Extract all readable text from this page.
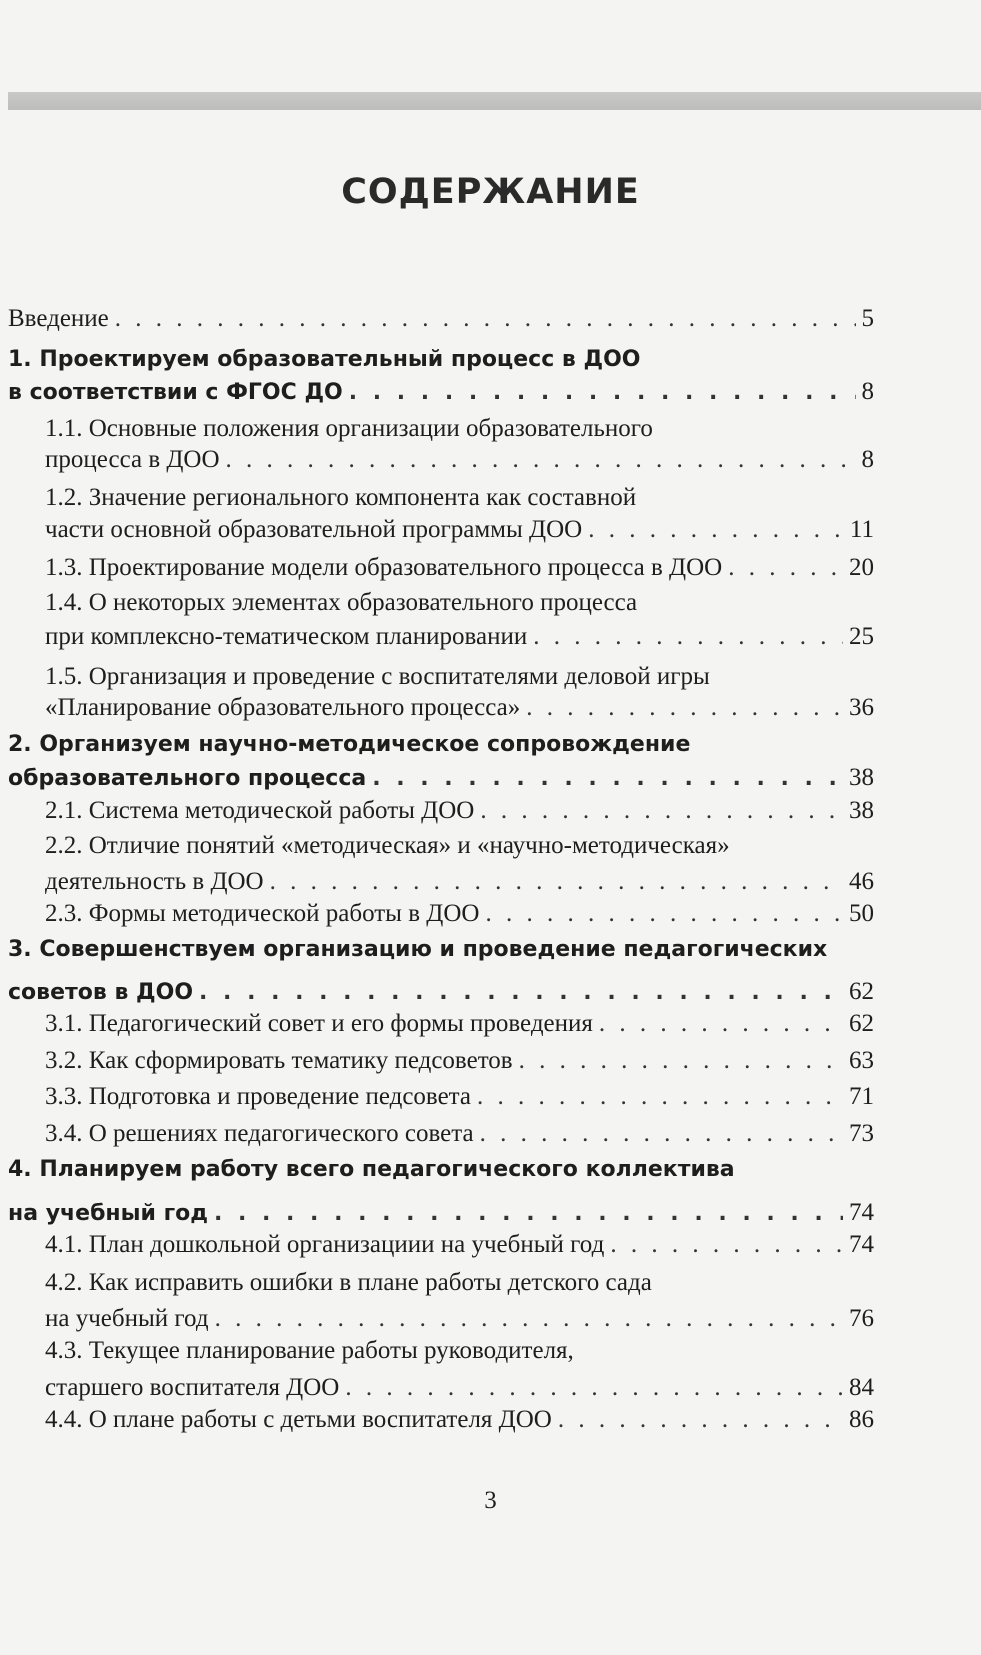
СОДЕРЖАНИЕ
Введение . . .	5
1. Проектируем образовательный процесс в ДОО
в соответствии с ФГОС ДО . . .	8
1.1. Основные положения организации образовательного
процесса в ДОО . . .	8
1.2. Значение регионального компонента как составной
части основной образовательной программы ДОО . . .	11
1.3. Проектирование модели образовательного процесса в ДОО . . .	20
1.4. О некоторых элементах образовательного процесса
при комплексно-тематическом планировании . . .	25
1.5. Организация и проведение с воспитателями деловой игры
«Планирование образовательного процесса» . . .	36
2. Организуем научно-методическое сопровождение
образовательного процесса . . .	38
2.1. Система методической работы ДОО . . .	38
2.2. Отличие понятий «методическая» и «научно-методическая»
деятельность в ДОО . . .	46
2.3. Формы методической работы в ДОО . . .	50
3. Совершенствуем организацию и проведение педагогических
советов в ДОО . . .	62
3.1. Педагогический совет и его формы проведения . . .	62
3.2. Как сформировать тематику педсоветов . . .	63
3.3. Подготовка и проведение педсовета . . .	71
3.4. О решениях педагогического совета . . .	73
4. Планируем работу всего педагогического коллектива
на учебный год . . .	74
4.1. План дошкольной организациии на учебный год . . .	74
4.2. Как исправить ошибки в плане работы детского сада
на учебный год . . .	76
4.3. Текущее планирование работы руководителя,
старшего воспитателя ДОО . . .	84
4.4. О плане работы с детьми воспитателя ДОО . . .	86
3
